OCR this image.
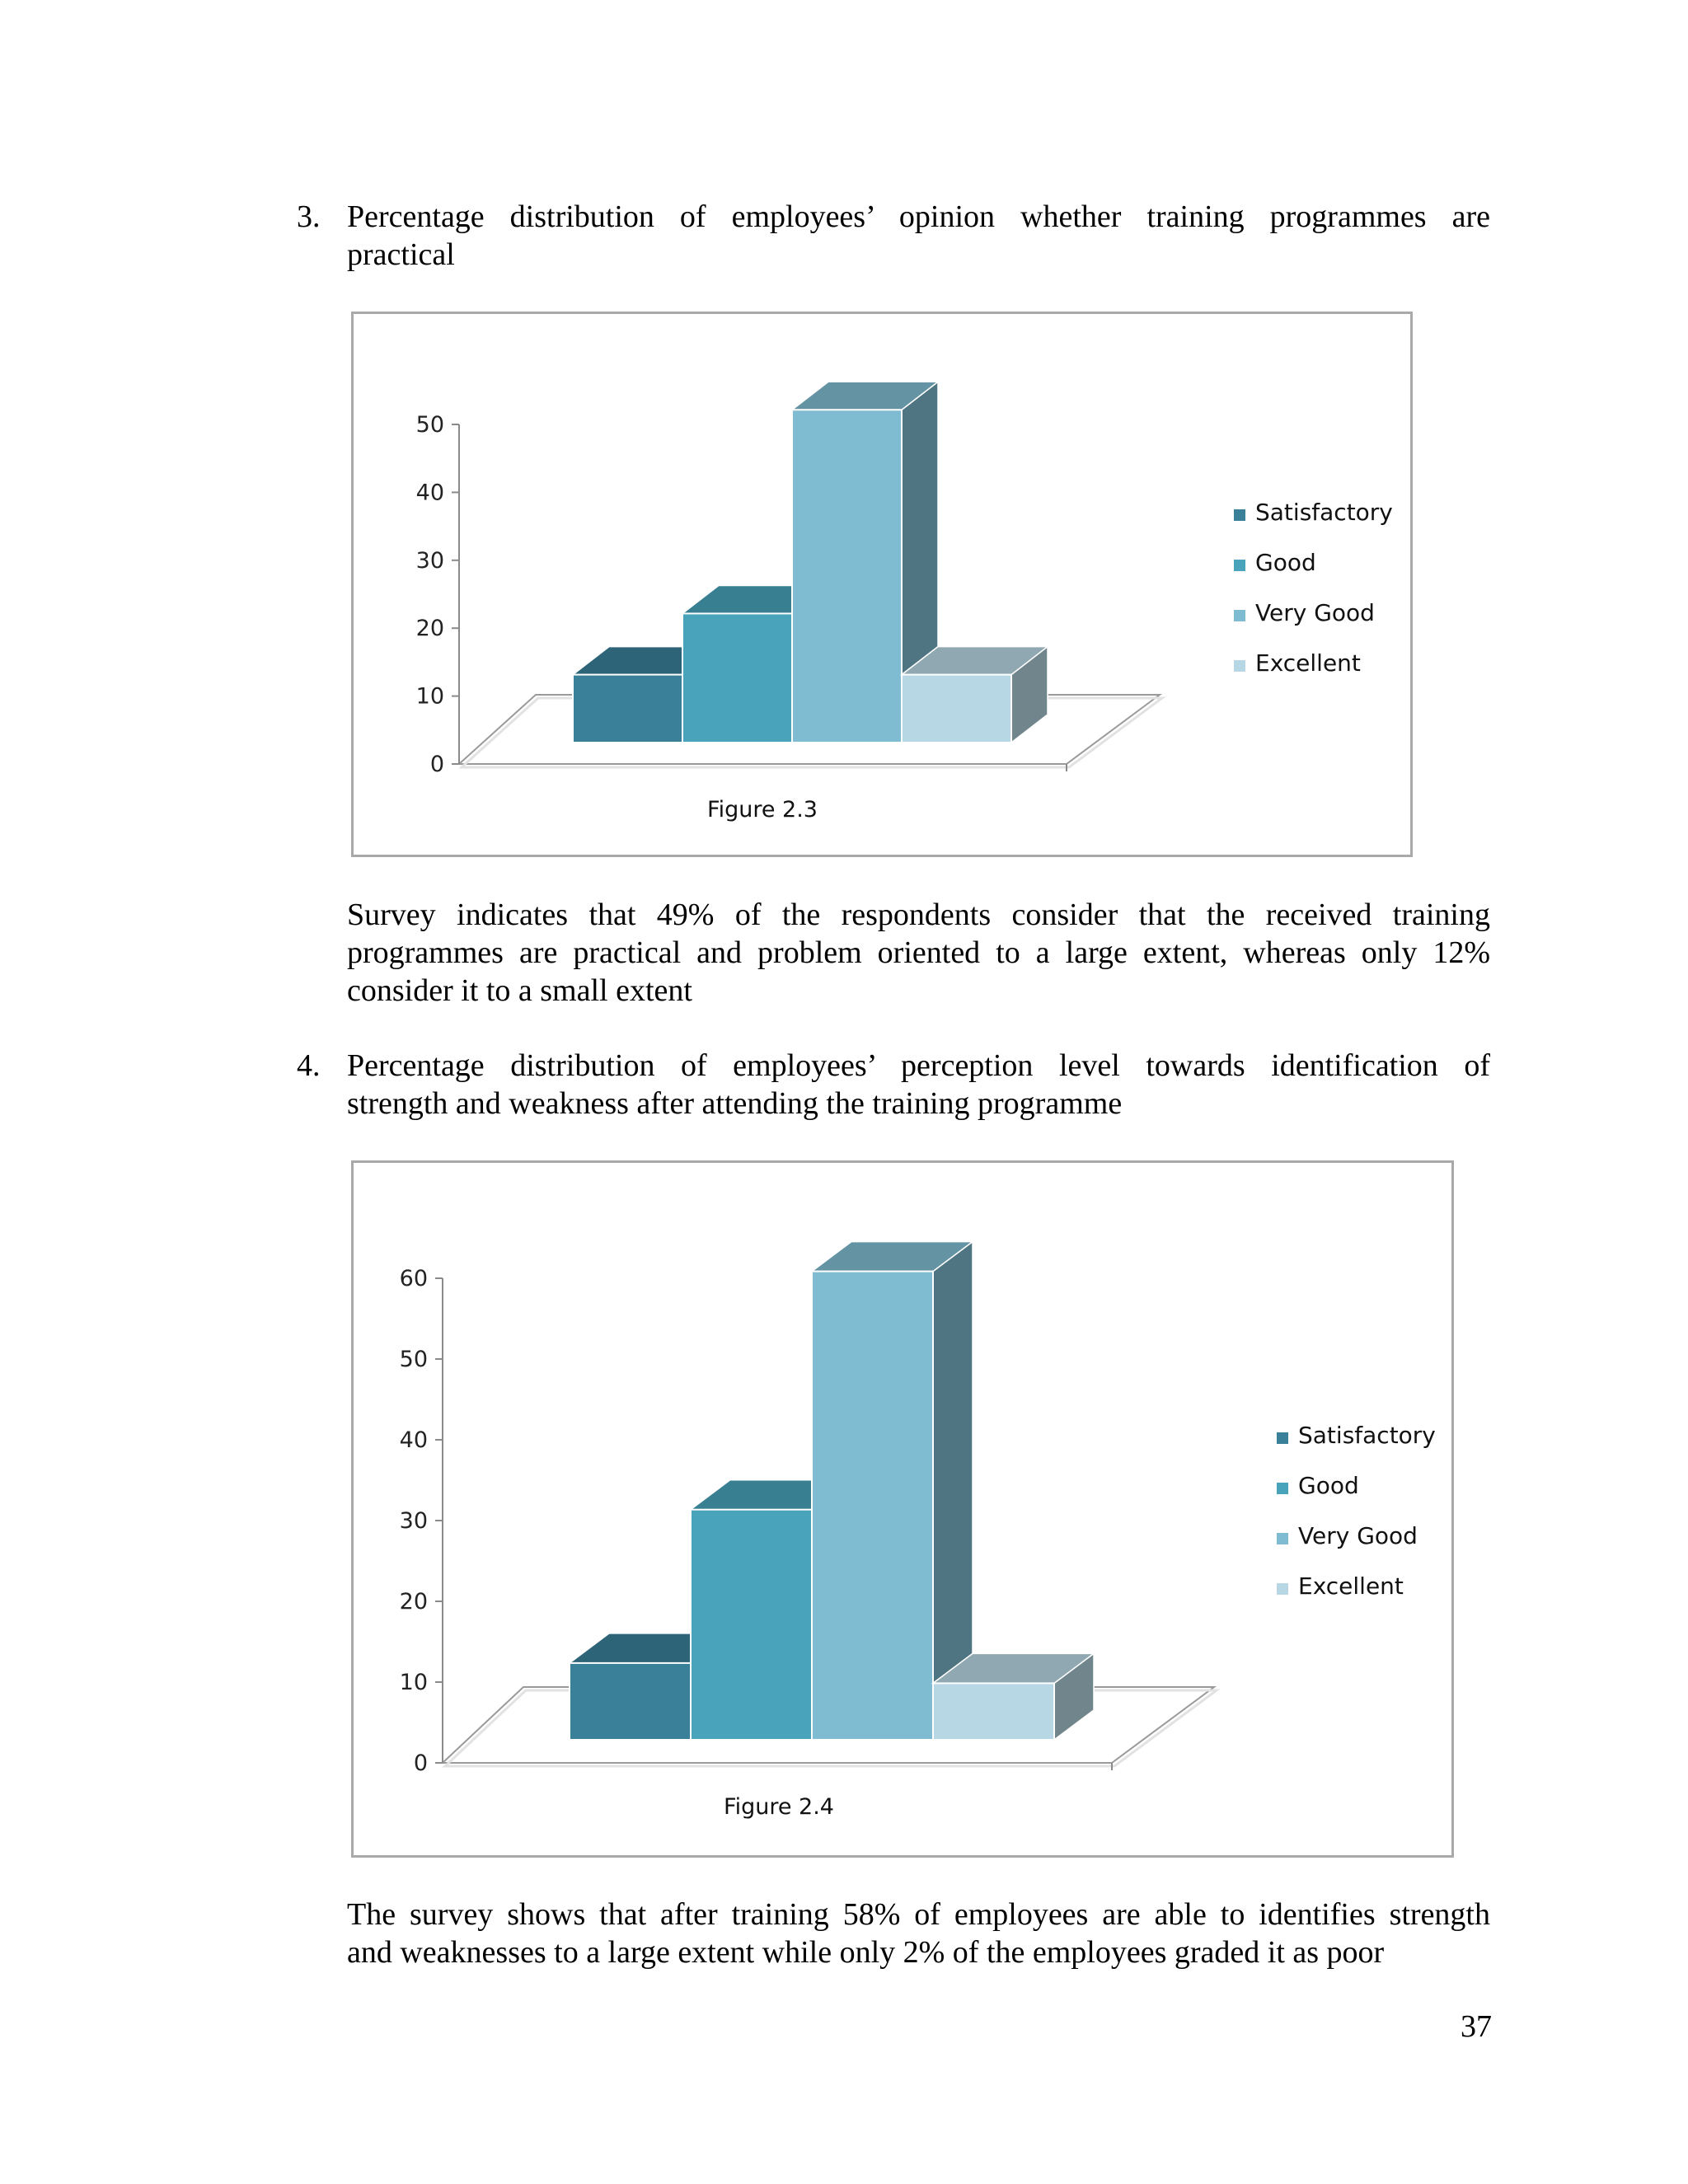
3. Percentage distribution of employees’ opinion whether training programmes are
practical
0
10
20
30
40
50
Satisfactory
Good
Very Good
Excellent
Figure 2.3
Survey indicates that 49% of the respondents consider that the received training
programmes are practical and problem oriented to a large extent, whereas only 12%
consider it to a small extent
4. Percentage distribution of employees’ perception level towards identification of
strength and weakness after attending the training programme
0
10
20
30
40
50
60
Satisfactory
Good
Very Good
Excellent
Figure 2.4
The survey shows that after training 58% of employees are able to identifies strength
and weaknesses to a large extent while only 2% of the employees graded it as poor
37
